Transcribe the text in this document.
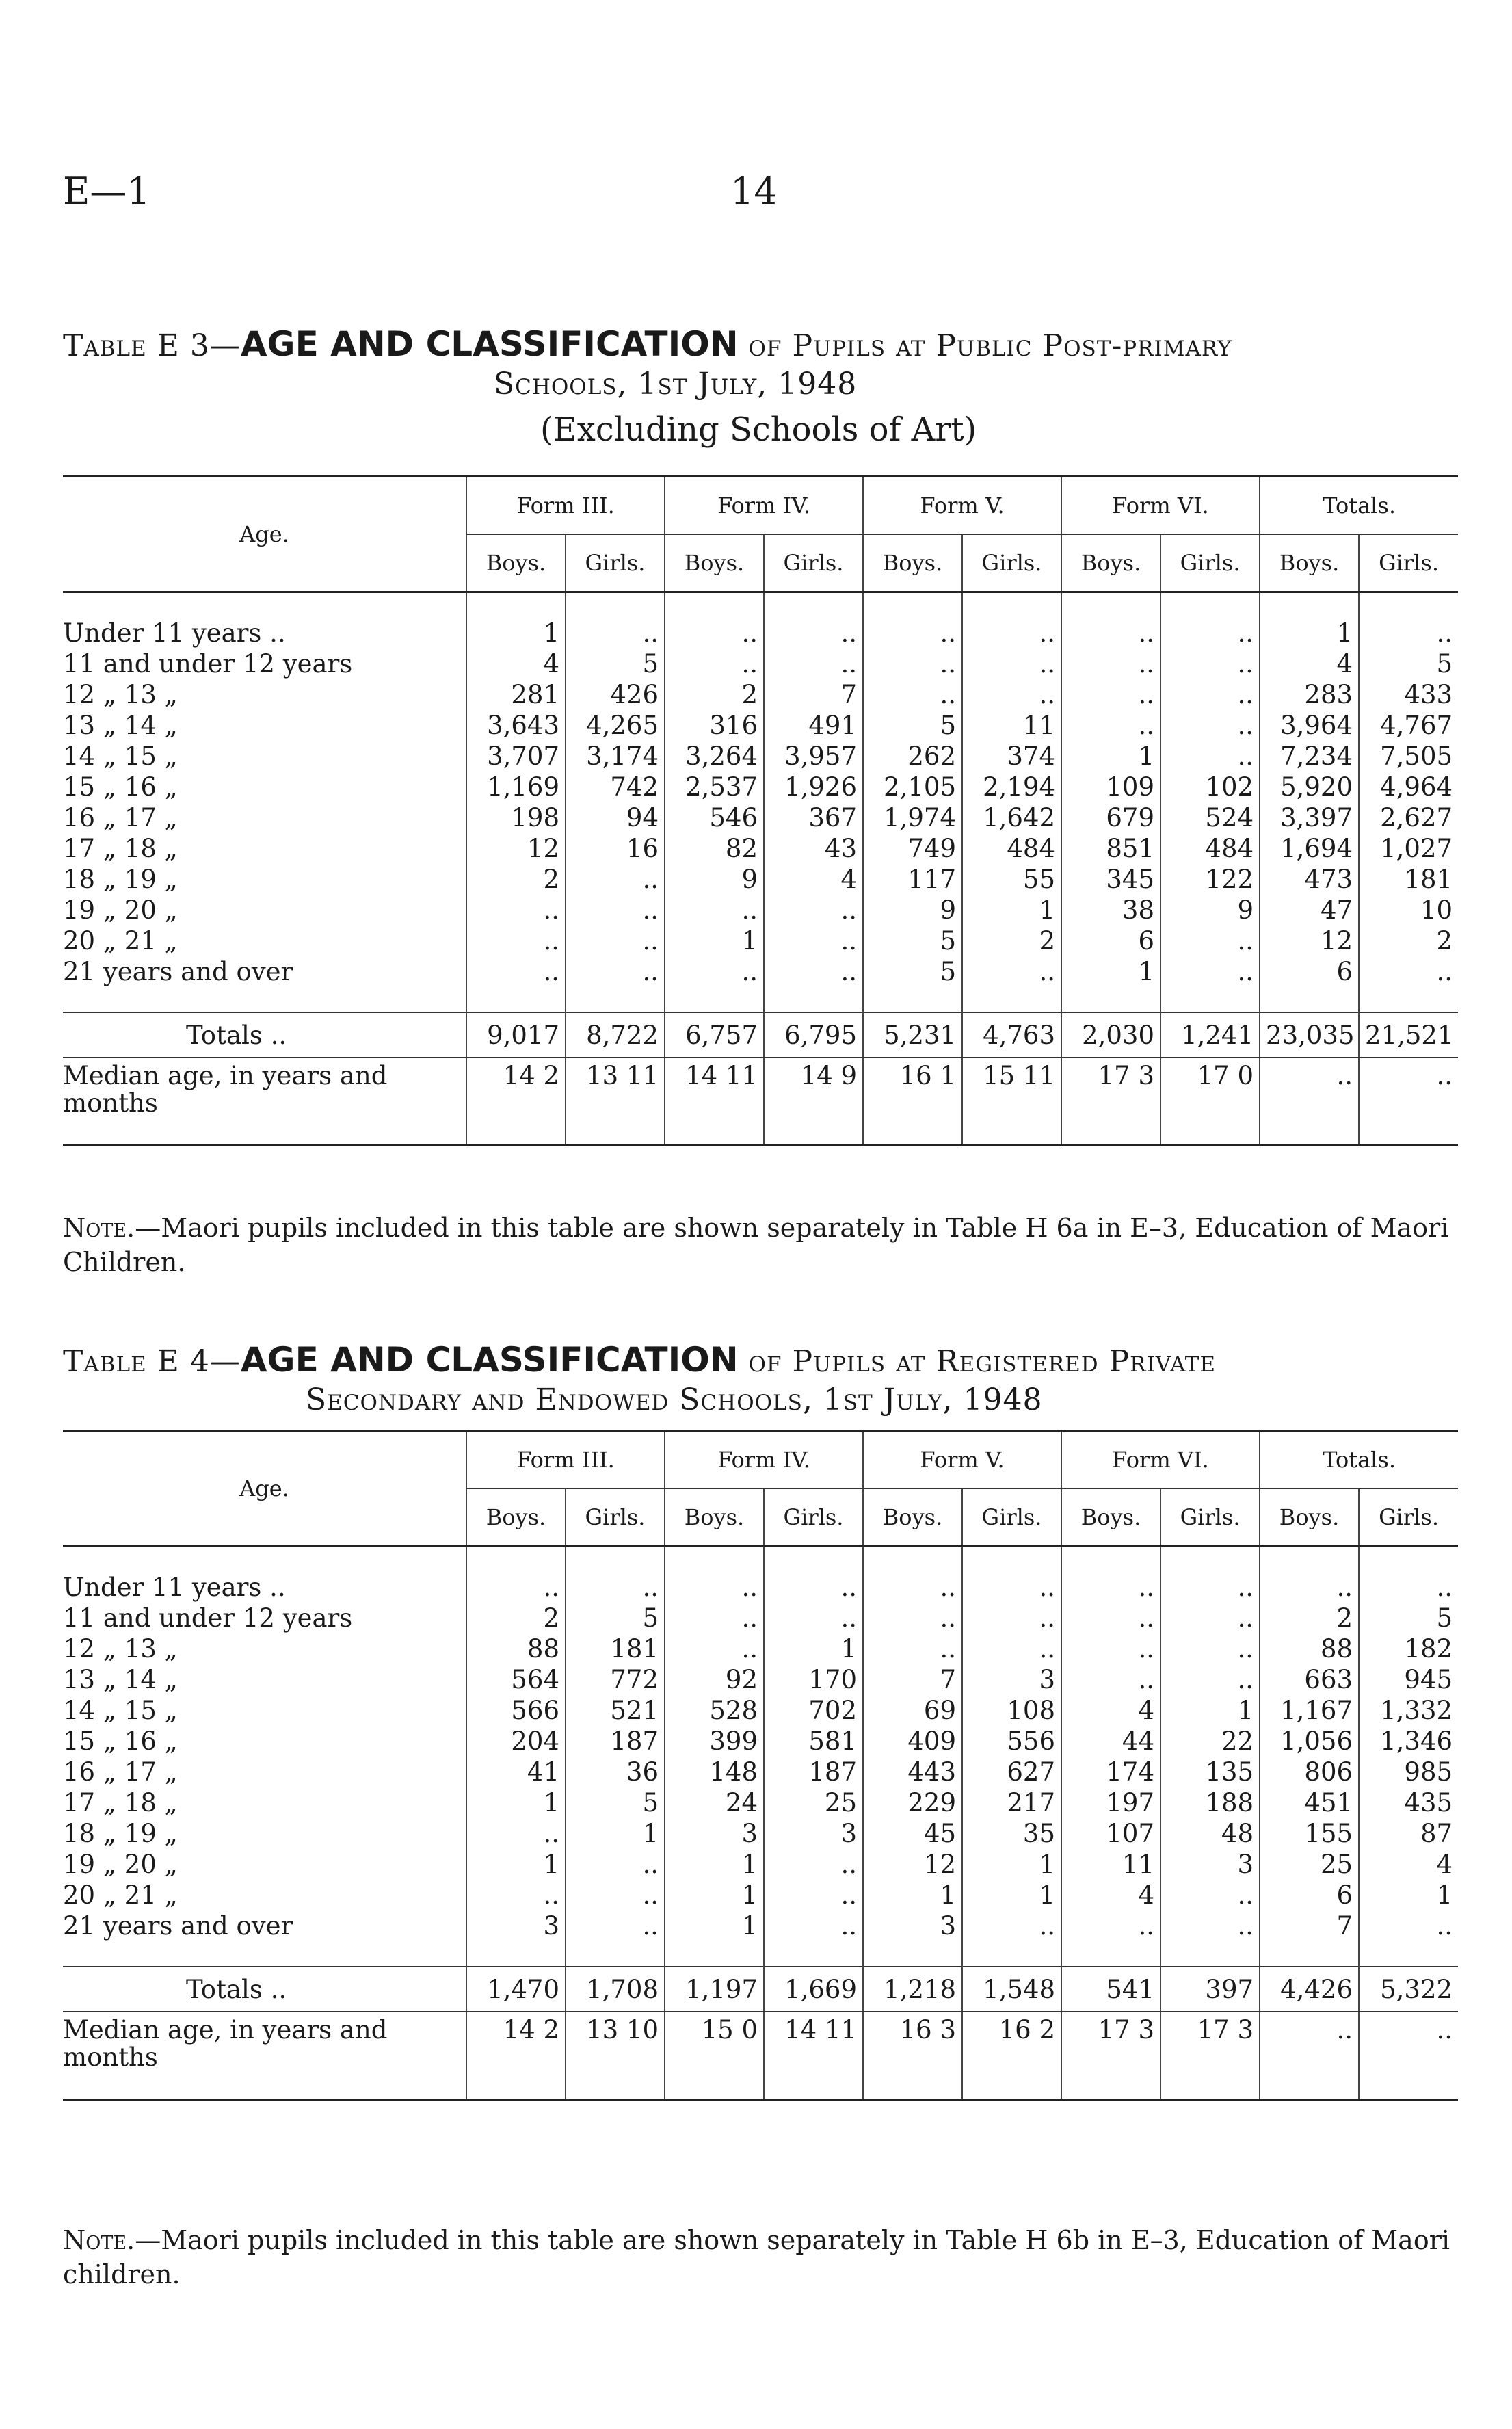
E—1	14
Table E 3—AGE AND CLASSIFICATION of Pupils at Public Post-primary
Schools, 1st July, 1948
(Excluding Schools of Art)
Age.	Form III.		Form IV.		Form V.		Form VI.		Totals.	
	Boys.	Girls.	Boys.	Girls.	Boys.	Girls.	Boys.	Girls.	Boys.	Girls.

Under 11 years ..	1	..	..	..	..	..	..	..	1	..
11 and under 12 years	4	5	..	..	..	..	..	..	4	5
12 „ 13 „	281	426	2	7	..	..	..	..	283	433
13 „ 14 „	3,643	4,265	316	491	5	11	..	..	3,964	4,767
14 „ 15 „	3,707	3,174	3,264	3,957	262	374	1	..	7,234	7,505
15 „ 16 „	1,169	742	2,537	1,926	2,105	2,194	109	102	5,920	4,964
16 „ 17 „	198	94	546	367	1,974	1,642	679	524	3,397	2,627
17 „ 18 „	12	16	82	43	749	484	851	484	1,694	1,027
18 „ 19 „	2	..	9	4	117	55	345	122	473	181
19 „ 20 „	..	..	..	..	9	1	38	9	47	10
20 „ 21 „	..	..	1	..	5	2	6	..	12	2
21 years and over	..	..	..	..	5	..	1	..	6	..

Totals ..	9,017	8,722	6,757	6,795	5,231	4,763	2,030	1,241	23,035	21,521
Median age, in years and months	14 2	13 11	14 11	14 9	16 1	15 11	17 3	17 0	..	..

Note.—Maori pupils included in this table are shown separately in Table H 6a in E–3, Education of Maori Children.
Table E 4—AGE AND CLASSIFICATION of Pupils at Registered Private
Secondary and Endowed Schools, 1st July, 1948
Age.	Form III.		Form IV.		Form V.		Form VI.		Totals.	
	Boys.	Girls.	Boys.	Girls.	Boys.	Girls.	Boys.	Girls.	Boys.	Girls.

Under 11 years ..	..	..	..	..	..	..	..	..	..	..
11 and under 12 years	2	5	..	..	..	..	..	..	2	5
12 „ 13 „	88	181	..	1	..	..	..	..	88	182
13 „ 14 „	564	772	92	170	7	3	..	..	663	945
14 „ 15 „	566	521	528	702	69	108	4	1	1,167	1,332
15 „ 16 „	204	187	399	581	409	556	44	22	1,056	1,346
16 „ 17 „	41	36	148	187	443	627	174	135	806	985
17 „ 18 „	1	5	24	25	229	217	197	188	451	435
18 „ 19 „	..	1	3	3	45	35	107	48	155	87
19 „ 20 „	1	..	1	..	12	1	11	3	25	4
20 „ 21 „	..	..	1	..	1	1	4	..	6	1
21 years and over	3	..	1	..	3	..	..	..	7	..

Totals ..	1,470	1,708	1,197	1,669	1,218	1,548	541	397	4,426	5,322
Median age, in years and months	14 2	13 10	15 0	14 11	16 3	16 2	17 3	17 3	..	..

Note.—Maori pupils included in this table are shown separately in Table H 6b in E–3, Education of Maori children.
